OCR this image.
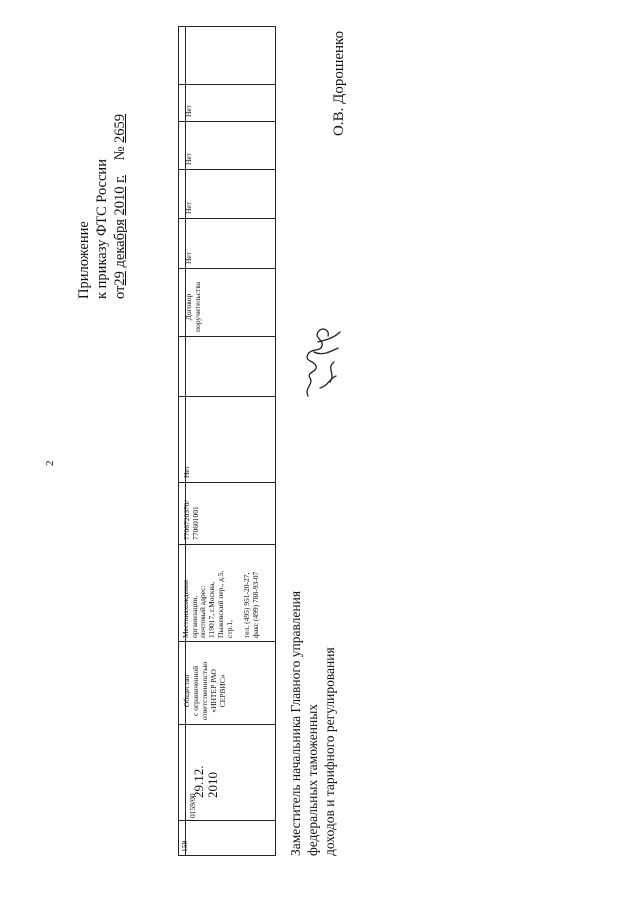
2
Приложение к приказу ФТС России от29 декабря 2010 г.    № 2659
159
0159/00
29.12.
2010
Общество
с ограниченной
ответственностью
«ИНТЕР РАО
СЕРВИС»
Местонахождение
организации,
почтовый адрес:
119017, г.Москва,
Пыжевский пер., д.5,
стр.1,

тел. (495) 951-20-27,
факс (499) 788-93-07
7706720370/
770601001
Нет
Договор
поручительства
Нет
Нет
Нет
Нет
Заместитель начальника Главного управления федеральных таможенных доходов и тарифного регулирования
О.В. Дорошенко
